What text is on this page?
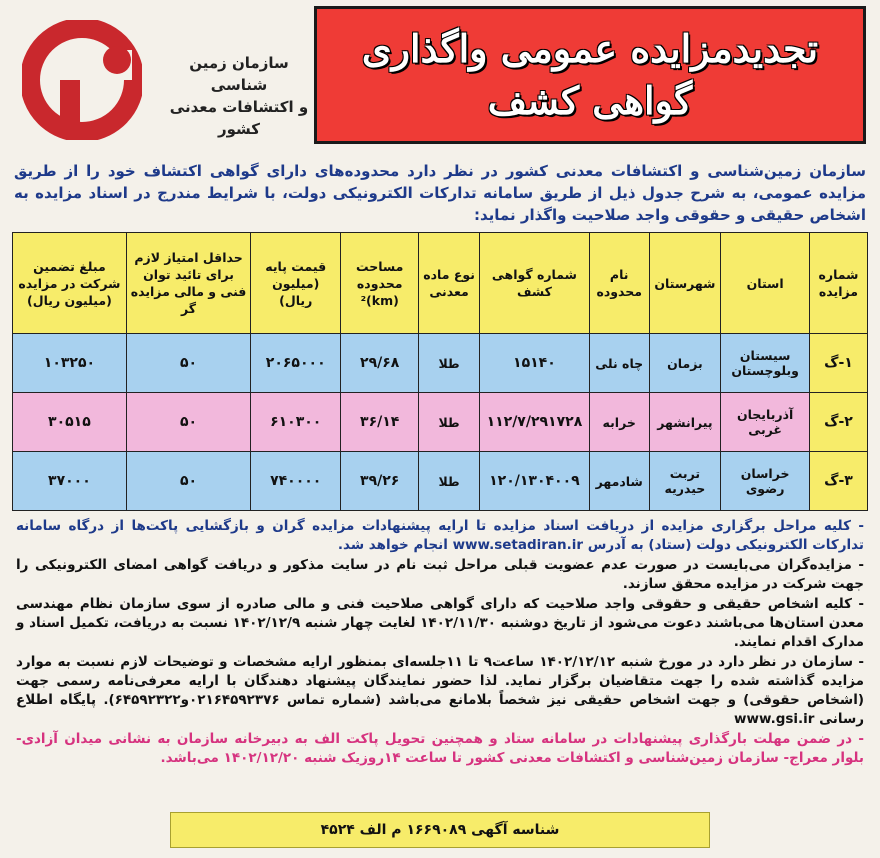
تجدیدمزایده عمومی واگذاری
گواهی کشف
سازمان زمین شناسی
و اکتشافات معدنی کشور
سازمان زمین‌شناسی و اکتشافات معدنی کشور در نظر دارد محدوده‌های دارای گواهی اکتشاف خود را از طریق مزایده عمومی، به شرح جدول ذیل از طریق سامانه تدارکات الکترونیکی دولت، با شرایط مندرج در اسناد مزایده به اشخاص حقیقی و حقوقی واجد صلاحیت واگذار نماید:
شماره مزایده	استان	شهرستان	نام محدوده	شماره گواهی کشف	نوع ماده معدنی	مساحت محدوده (km)²	قیمت پایه (میلیون ریال)	حداقل امتیاز لازم برای تائید توان فنی و مالی مزایده گر	مبلغ تضمین شرکت در مزایده (میلیون ریال)
۱-گ	سیستان وبلوچستان	بزمان	چاه نلی	۱۵۱۴۰	طلا	۲۹/۶۸	۲۰۶۵۰۰۰	۵۰	۱۰۳۲۵۰
۲-گ	آذربایجان غربی	پیرانشهر	خرابه	۱۱۲/۷/۲۹۱۷۲۸	طلا	۳۶/۱۴	۶۱۰۳۰۰	۵۰	۳۰۵۱۵
۳-گ	خراسان رضوی	تربت حیدریه	شادمهر	۱۲۰/۱۳۰۴۰۰۹	طلا	۳۹/۲۶	۷۴۰۰۰۰	۵۰	۳۷۰۰۰

- کلیه مراحل برگزاری مزایده از دریافت اسناد مزایده تا ارایه پیشنهادات مزایده گران و بازگشایی پاکت‌ها از درگاه سامانه تدارکات الکترونیکی دولت (ستاد) به آدرس www.setadiran.ir انجام خواهد شد.

- مزایده‌گران می‌بایست در صورت عدم عضویت قبلی مراحل ثبت نام در سایت مذکور و دریافت گواهی امضای الکترونیکی را جهت شرکت در مزایده محقق سازند.

- کلیه اشخاص حقیقی و حقوقی واجد صلاحیت که دارای گواهی صلاحیت فنی و مالی صادره از سوی سازمان نظام مهندسی معدن استان‌ها می‌باشند دعوت می‌شود از تاریخ دوشنبه ۱۴۰۲/۱۱/۳۰ لغایت چهار شنبه ۱۴۰۲/۱۲/۹ نسبت به دریافت، تکمیل اسناد و مدارک اقدام نمایند.

- سازمان در نظر دارد در مورخ شنبه ۱۴۰۲/۱۲/۱۲ ساعت۹ تا ۱۱جلسه‌ای بمنظور ارایه مشخصات و توضیحات لازم نسبت به موارد مزایده گذاشته شده را جهت متقاضیان برگزار نماید. لذا حضور نمایندگان پیشنهاد دهندگان با ارایه معرفی‌نامه رسمی جهت (اشخاص حقوقی) و جهت اشخاص حقیقی نیز شخصاً بلامانع می‌باشد (شماره تماس ۰۲۱۶۴۵۹۲۳۷۶و۶۴۵۹۲۳۲۲). پایگاه اطلاع رسانی www.gsi.ir

- در ضمن مهلت بارگذاری پیشنهادات در سامانه ستاد و همچنین تحویل پاکت الف به دبیرخانه سازمان به نشانی میدان آزادی- بلوار معراج- سازمان زمین‌شناسی و اکتشافات معدنی کشور تا ساعت ۱۴روزیک شنبه ۱۴۰۲/۱۲/۲۰ می‌باشد.

شناسه آگهی ۱۶۶۹۰۸۹ م الف ۴۵۲۴
